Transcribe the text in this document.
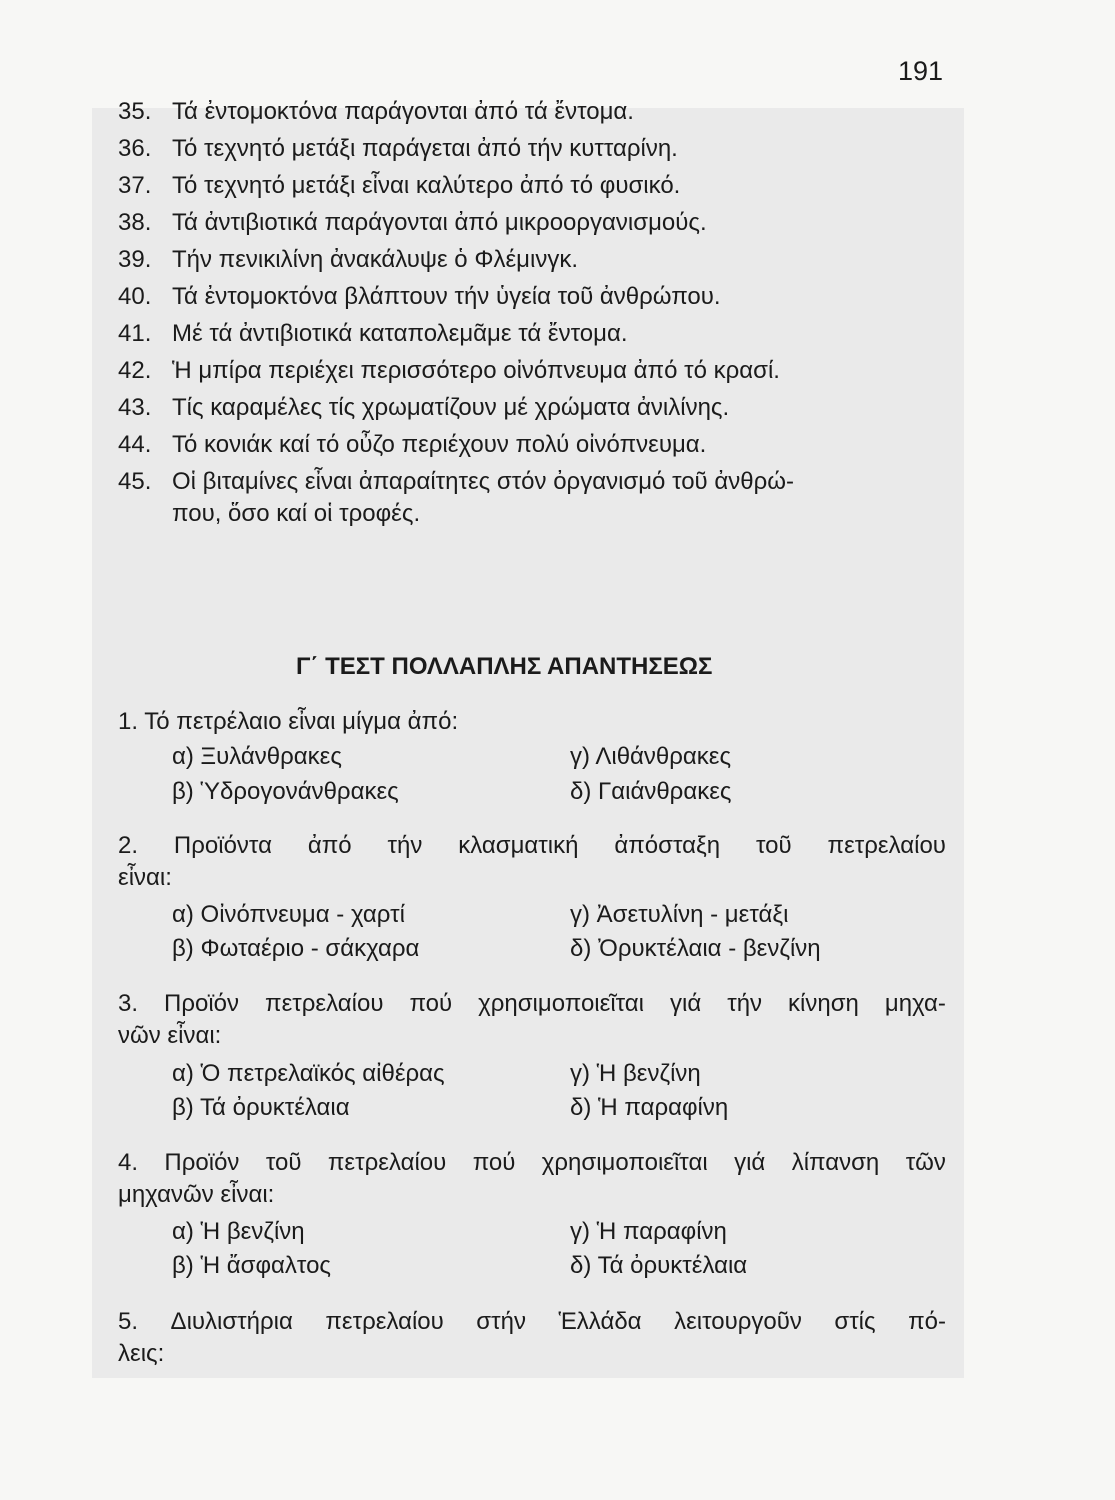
191
35. Τά ἐντομοκτόνα παράγονται ἀπό τά ἔντομα.
36. Τό τεχνητό μετάξι παράγεται ἀπό τήν κυτταρίνη.
37. Τό τεχνητό μετάξι εἶναι καλύτερο ἀπό τό φυσικό.
38. Τά ἀντιβιοτικά παράγονται ἀπό μικροοργανισμούς.
39. Τήν πενικιλίνη ἀνακάλυψε ὁ Φλέμινγκ.
40. Τά ἐντομοκτόνα βλάπτουν τήν ὑγεία τοῦ ἀνθρώπου.
41. Μέ τά ἀντιβιοτικά καταπολεμᾶμε τά ἔντομα.
42. Ἡ μπίρα περιέχει περισσότερο οἰνόπνευμα ἀπό τό κρασί.
43. Τίς καραμέλες τίς χρωματίζουν μέ χρώματα ἀνιλίνης.
44. Τό κονιάκ καί τό οὖζο περιέχουν πολύ οἰνόπνευμα.
45. Οἱ βιταμίνες εἶναι ἀπαραίτητες στόν ὀργανισμό τοῦ ἀνθρώ-
που, ὅσο καί οἱ τροφές.
Γ΄ ΤΕΣΤ ΠΟΛΛΑΠΛΗΣ ΑΠΑΝΤΗΣΕΩΣ
1. Τό πετρέλαιο εἶναι μίγμα ἀπό:
α) Ξυλάνθρακες	γ) Λιθάνθρακες
β) Ὑδρογονάνθρακες	δ) Γαιάνθρακες
2. Προϊόντα ἀπό τήν κλασματική ἀπόσταξη τοῦ πετρελαίου
εἶναι:
α) Οἰνόπνευμα - χαρτί	γ) Ἀσετυλίνη - μετάξι
β) Φωταέριο - σάκχαρα	δ) Ὀρυκτέλαια - βενζίνη
3. Προϊόν πετρελαίου πού χρησιμοποιεῖται γιά τήν κίνηση μηχα-
νῶν εἶναι:
α) Ὁ πετρελαϊκός αἰθέρας	γ) Ἡ βενζίνη
β) Τά ὀρυκτέλαια	δ) Ἡ παραφίνη
4. Προϊόν τοῦ πετρελαίου πού χρησιμοποιεῖται γιά λίπανση τῶν
μηχανῶν εἶναι:
α) Ἡ βενζίνη	γ) Ἡ παραφίνη
β) Ἡ ἄσφαλτος	δ) Τά ὀρυκτέλαια
5. Διυλιστήρια πετρελαίου στήν Ἑλλάδα λειτουργοῦν στίς πό-
λεις:
